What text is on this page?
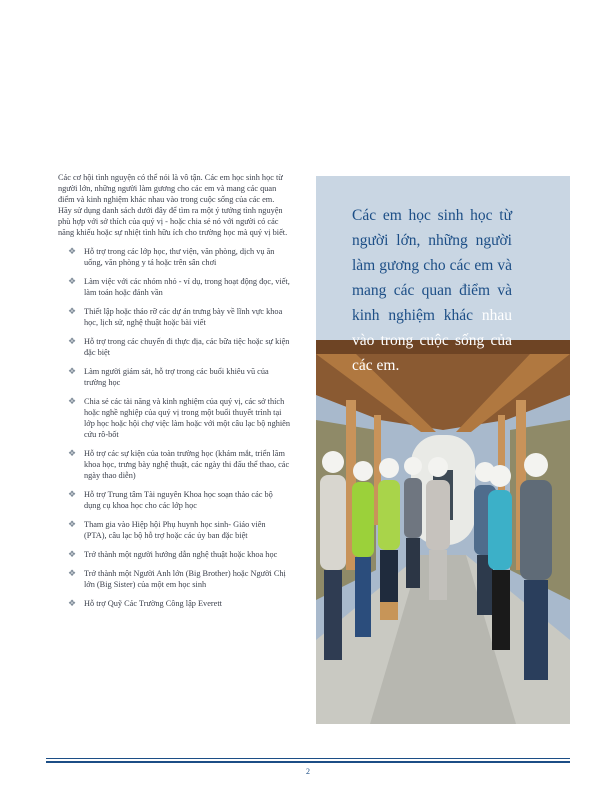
Các cơ hội tình nguyện có thể nói là vô tận. Các em học sinh học từ người lớn, những người làm gương cho các em và mang các quan điểm và kinh nghiệm khác nhau vào trong cuộc sống của các em. Hãy sử dụng danh sách dưới đây để tìm ra một ý tưởng tình nguyện phù hợp với sở thích của quý vị - hoặc chia sẻ nó với người có các năng khiếu hoặc sự nhiệt tình hữu ích cho trường học mà quý vị biết.

❖ Hỗ trợ trong các lớp học, thư viện, văn phòng, dịch vụ ăn uống, văn phòng y tá hoặc trên sân chơi
❖ Làm việc với các nhóm nhỏ - ví dụ, trong hoạt động đọc, viết, làm toán hoặc đánh vần
❖ Thiết lập hoặc tháo rỡ các dự án trưng bày về lĩnh vực khoa học, lịch sử, nghệ thuật hoặc bài viết
❖ Hỗ trợ trong các chuyến đi thực địa, các bữa tiệc hoặc sự kiện đặc biệt
❖ Làm người giám sát, hỗ trợ trong các buổi khiêu vũ của trường học
❖ Chia sẻ các tài năng và kinh nghiệm của quý vị, các sở thích hoặc nghề nghiệp của quý vị trong một buổi thuyết trình tại lớp học hoặc hội chợ việc làm hoặc với một câu lạc bộ nghiên cứu rô-bốt
❖ Hỗ trợ các sự kiện của toàn trường học (khám mắt, triển lãm khoa học, trưng bày nghệ thuật, các ngày thi đấu thể thao, các ngày thao diễn)
❖ Hỗ trợ Trung tâm Tài nguyên Khoa học soạn thảo các bộ dụng cụ khoa học cho các lớp học
❖ Tham gia vào Hiệp hội Phụ huynh học sinh- Giáo viên (PTA), câu lạc bộ hỗ trợ hoặc các ủy ban đặc biệt
❖ Trở thành một người hướng dẫn nghệ thuật hoặc khoa học
❖ Trở thành một Người Anh lớn (Big Brother) hoặc Người Chị lớn (Big Sister) của một em học sinh
❖ Hỗ trợ Quỹ Các Trường Công lập Everett
Các em học sinh học từ người lớn, những người làm gương cho các em và mang các quan điểm và kinh nghiệm khác nhau vào trong cuộc sống của các em.
2
